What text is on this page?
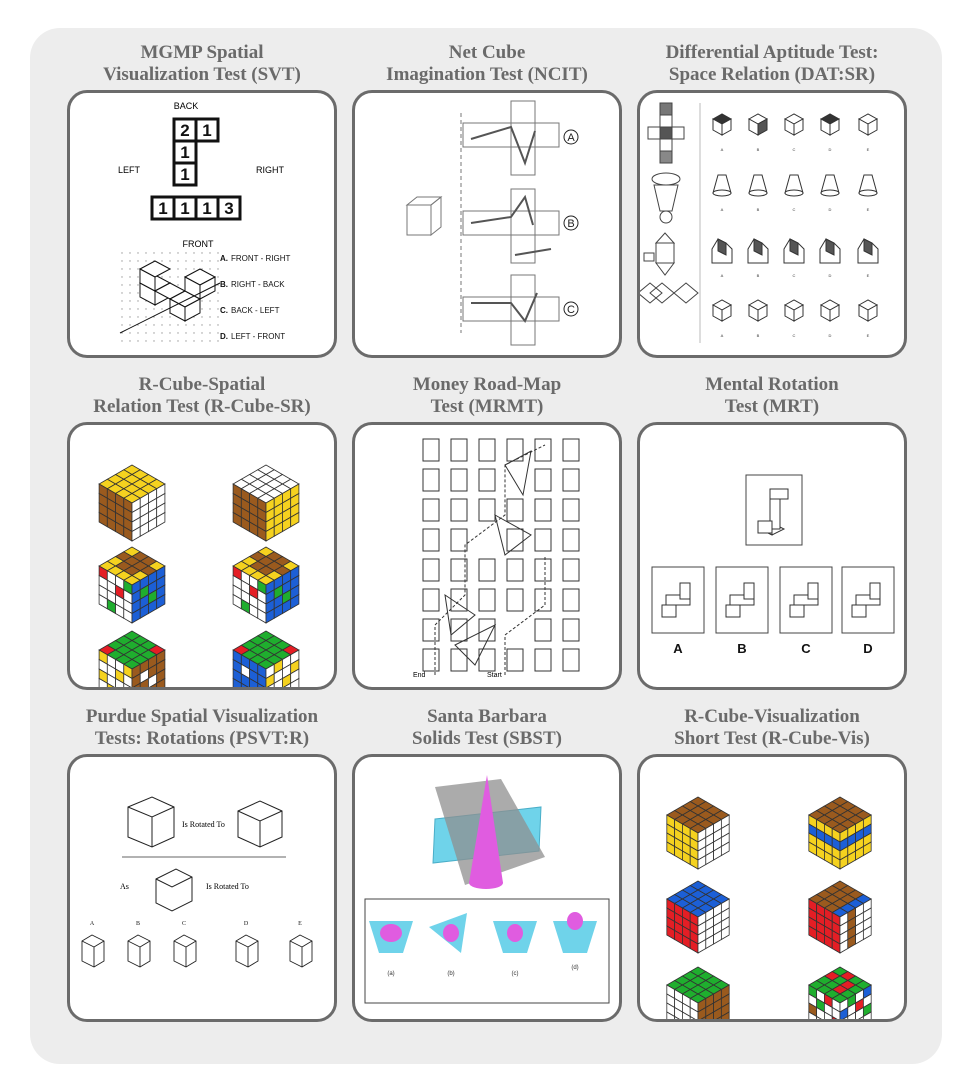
MGMP Spatial
Visualization Test (SVT)
BACK
LEFT	RIGHT
FRONT
2 1
1
1
1 1 1 3
A. FRONT - RIGHT
B. RIGHT - BACK
C. BACK - LEFT
D. LEFT - FRONT
Net Cube
Imagination Test (NCIT)
A
B
C
Differential Aptitude Test:
Space Relation (DAT:SR)
A	B	C	D	E
A	B	C	D	E
A	B	C	D	E
A	B	C	D	E
R-Cube-Spatial
Relation Test (R-Cube-SR)
Money Road-Map
Test (MRMT)
End	Start
Mental Rotation
Test (MRT)
A	B	C	D
Purdue Spatial Visualization
Tests: Rotations (PSVT:R)
Is Rotated To
As	Is Rotated To
A	B	C	D	E
Santa Barbara
Solids Test (SBST)
(a)	(b)	(c)
(d)
R-Cube-Visualization
Short Test (R-Cube-Vis)
